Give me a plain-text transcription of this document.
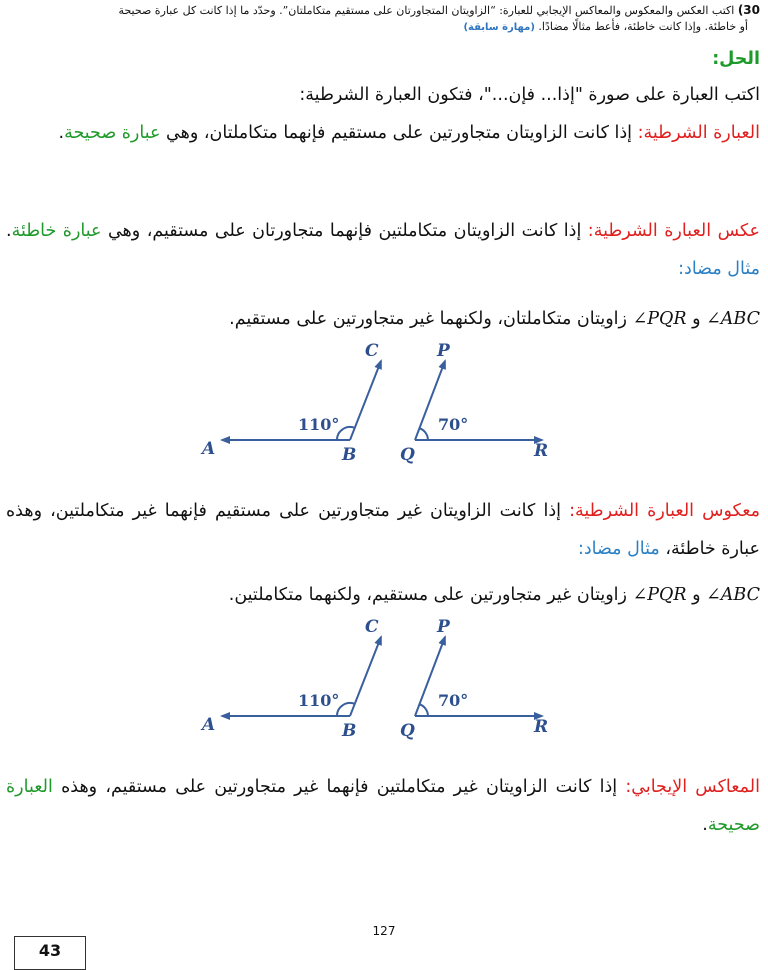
30) اكتب العكس والمعكوس والمعاكس الإيجابي للعبارة: “الزاويتان المتجاورتان على مستقيم متكاملتان”. وحدّد ما إذا كانت كل عبارة صحيحة

أو خاطئة. وإذا كانت خاطئة، فأعط مثالًا مضادًا. (مهارة سابقة)

الحل:

اكتب العبارة على صورة "إذا... فإن..."، فتكون العبارة الشرطية:

العبارة الشرطية: إذا كانت الزاويتان متجاورتين على مستقيم فإنهما متكاملتان، وهي عبارة صحيحة.

عكس العبارة الشرطية: إذا كانت الزاويتان متكاملتين فإنهما متجاورتان على مستقيم، وهي عبارة خاطئة. مثال مضاد:

∠ABC و ∠PQR زاويتان متكاملتان، ولكنهما غير متجاورتين على مستقيم.

A	B
C	P
Q	R
110°	70°

معكوس العبارة الشرطية: إذا كانت الزاويتان غير متجاورتين على مستقيم فإنهما غير متكاملتين، وهذه عبارة خاطئة، مثال مضاد:

∠ABC و ∠PQR زاويتان غير متجاورتين على مستقيم، ولكنهما متكاملتين.

A	B
C	P
Q	R
110°	70°

المعاكس الإيجابي: إذا كانت الزاويتان غير متكاملتين فإنهما غير متجاورتين على مستقيم، وهذه العبارة صحيحة.

127
43
